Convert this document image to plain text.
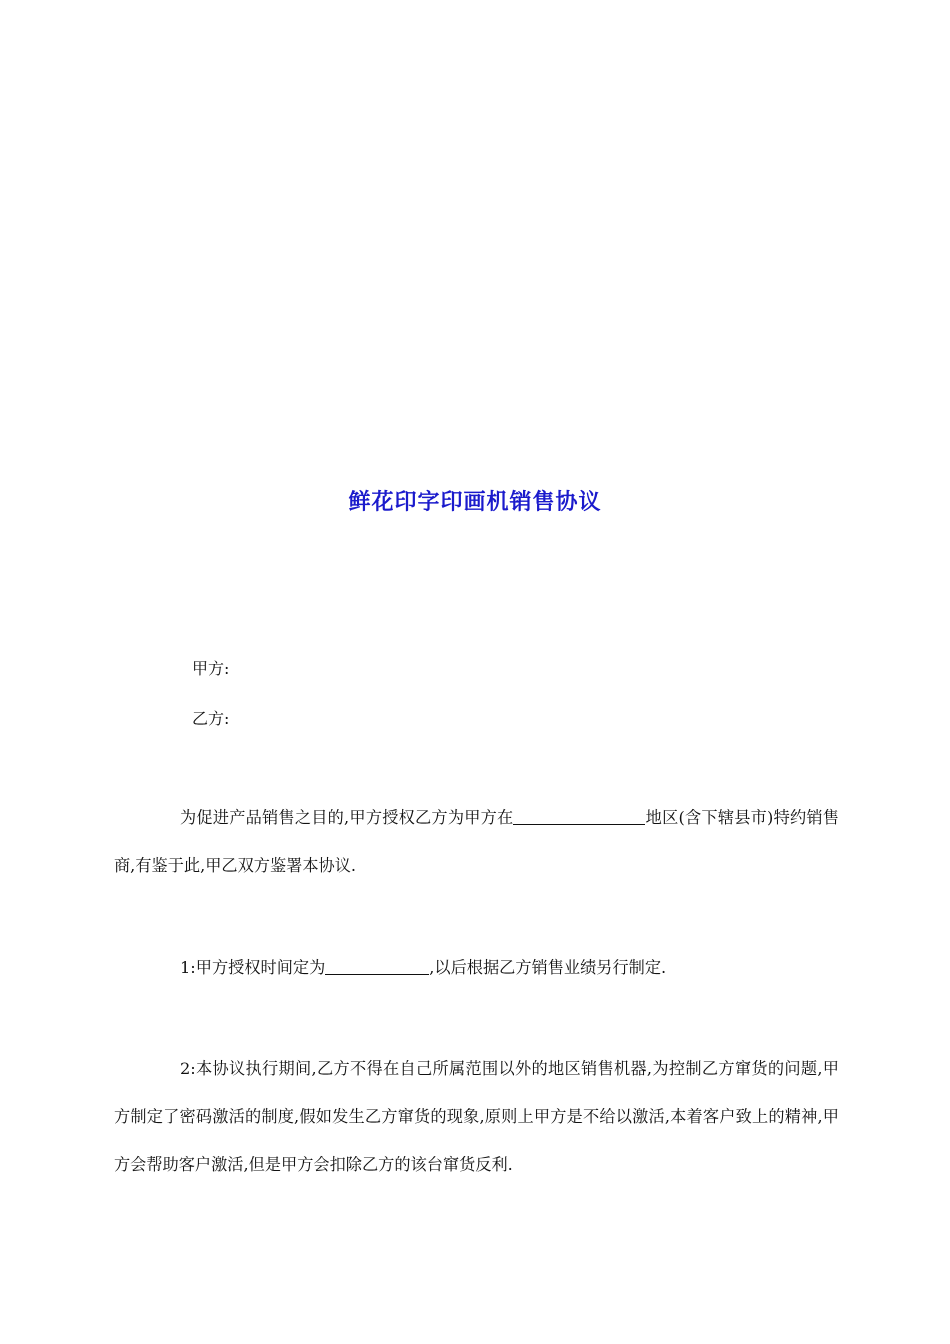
鲜花印字印画机销售协议
甲方:
乙方:
为促进产品销售之目的,甲方授权乙方为甲方在	地区(含下辖县市)特约销售商,有鉴于此,甲乙双方鉴署本协议.
1:甲方授权时间定为	,以后根据乙方销售业绩另行制定.
2:本协议执行期间,乙方不得在自己所属范围以外的地区销售机器,为控制乙方窜货的问题,甲方制定了密码激活的制度,假如发生乙方窜货的现象,原则上甲方是不给以激活,本着客户致上的精神,甲方会帮助客户激活,但是甲方会扣除乙方的该台窜货反利.
